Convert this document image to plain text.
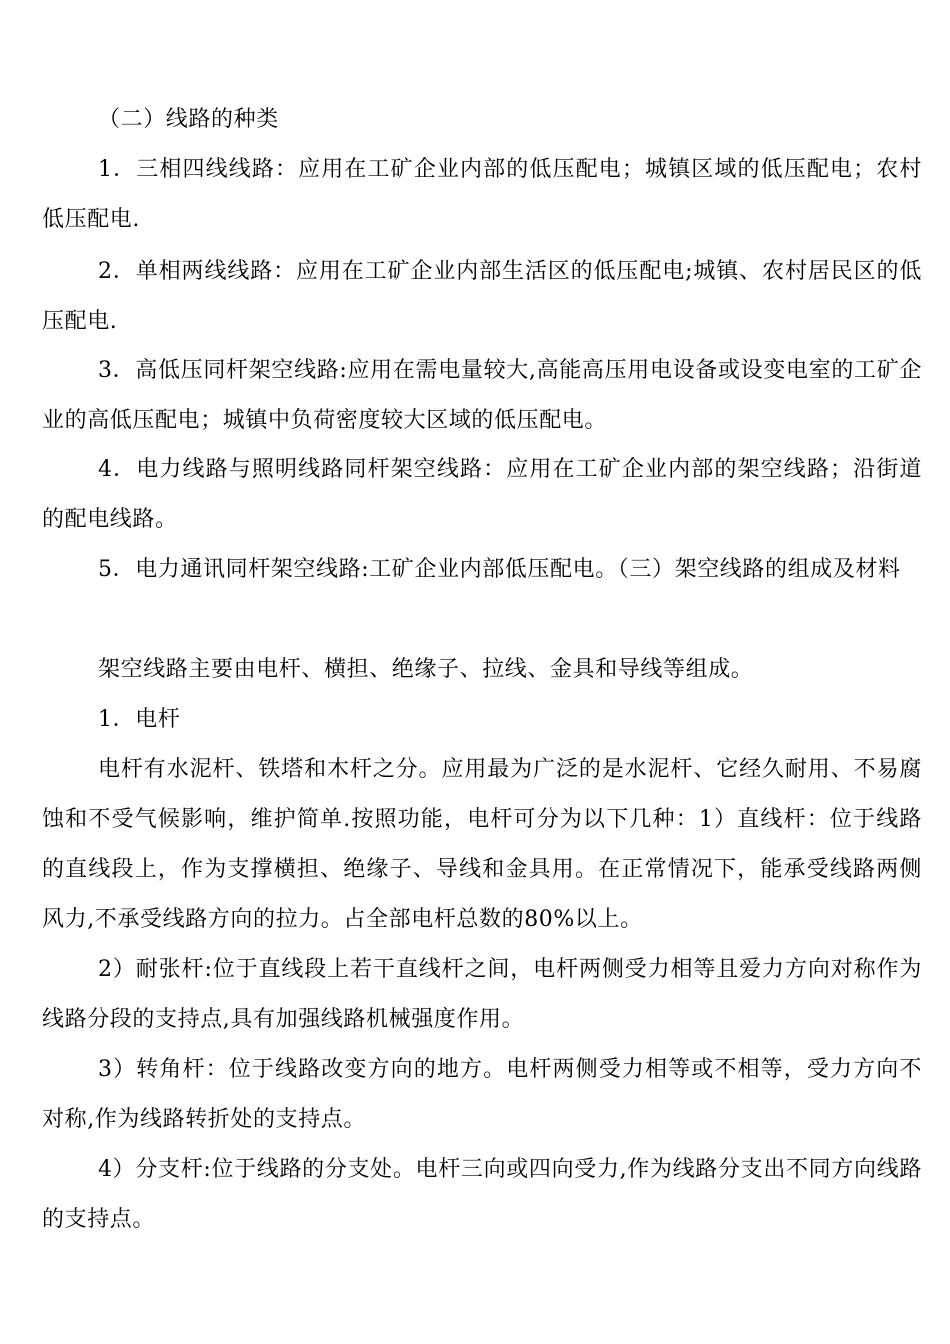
（二）线路的种类

1．三相四线线路：应用在工矿企业内部的低压配电；城镇区域的低压配电；农村低压配电.

2．单相两线线路：应用在工矿企业内部生活区的低压配电;城镇、农村居民区的低压配电.

3．高低压同杆架空线路:应用在需电量较大,高能高压用电设备或设变电室的工矿企业的高低压配电；城镇中负荷密度较大区域的低压配电。

4．电力线路与照明线路同杆架空线路：应用在工矿企业内部的架空线路；沿街道的配电线路。

5．电力通讯同杆架空线路:工矿企业内部低压配电。（三）架空线路的组成及材料

架空线路主要由电杆、横担、绝缘子、拉线、金具和导线等组成。

1．电杆

电杆有水泥杆、铁塔和木杆之分。应用最为广泛的是水泥杆、它经久耐用、不易腐蚀和不受气候影响，维护简单.按照功能，电杆可分为以下几种：1）直线杆：位于线路的直线段上，作为支撑横担、绝缘子、导线和金具用。在正常情况下，能承受线路两侧风力,不承受线路方向的拉力。占全部电杆总数的80%以上。

2）耐张杆:位于直线段上若干直线杆之间，电杆两侧受力相等且爱力方向对称作为线路分段的支持点,具有加强线路机械强度作用。

3）转角杆：位于线路改变方向的地方。电杆两侧受力相等或不相等，受力方向不对称,作为线路转折处的支持点。

4）分支杆:位于线路的分支处。电杆三向或四向受力,作为线路分支出不同方向线路的支持点。
